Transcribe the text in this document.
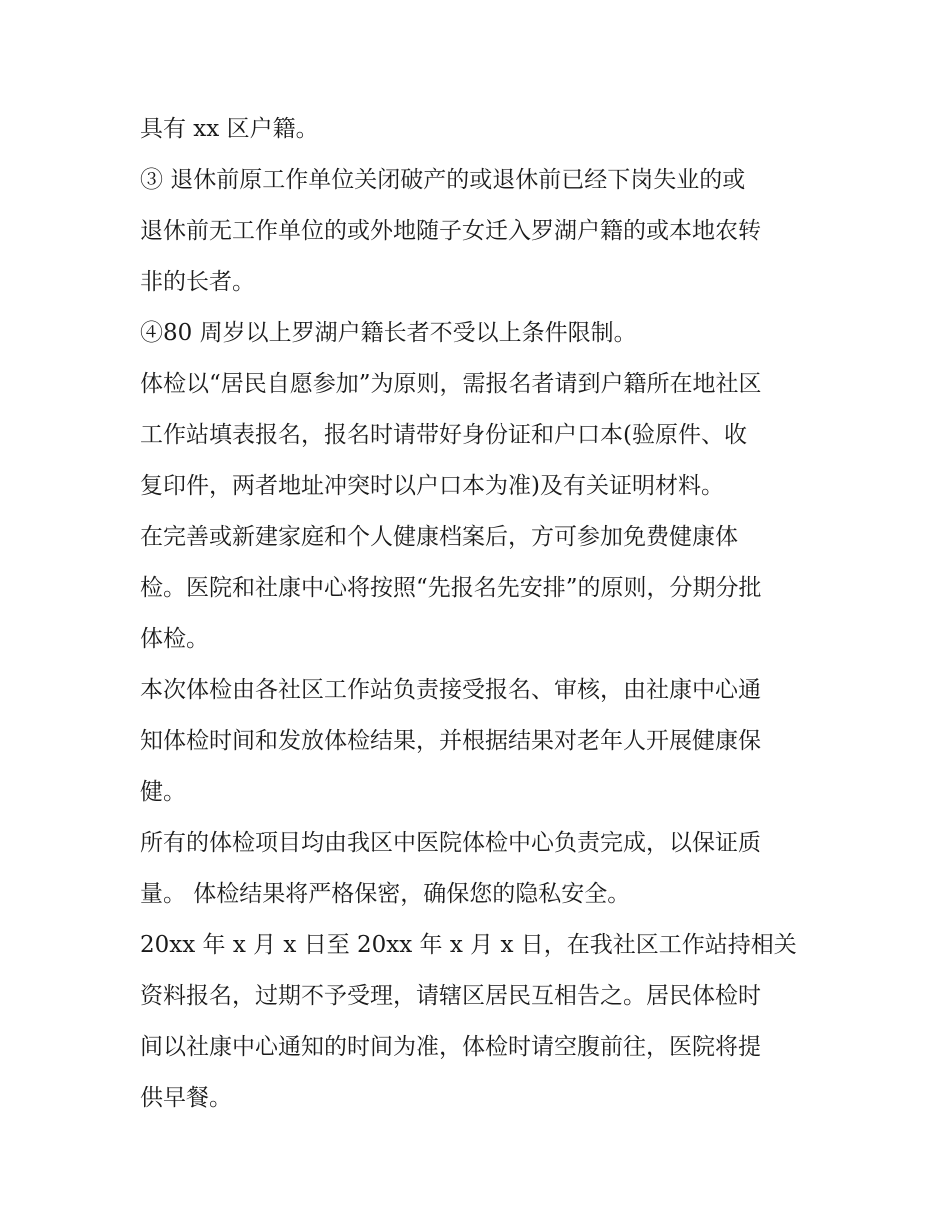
具有 xx 区户籍。
③ 退休前原工作单位关闭破产的或退休前已经下岗失业的或
退休前无工作单位的或外地随子女迁入罗湖户籍的或本地农转
非的长者。
④80 周岁以上罗湖户籍长者不受以上条件限制。
体检以“居民自愿参加”为原则，需报名者请到户籍所在地社区
工作站填表报名，报名时请带好身份证和户口本(验原件、收
复印件，两者地址冲突时以户口本为准)及有关证明材料。
在完善或新建家庭和个人健康档案后，方可参加免费健康体
检。医院和社康中心将按照“先报名先安排”的原则，分期分批
体检。
本次体检由各社区工作站负责接受报名、审核，由社康中心通
知体检时间和发放体检结果，并根据结果对老年人开展健康保
健。
所有的体检项目均由我区中医院体检中心负责完成，以保证质
量。 体检结果将严格保密，确保您的隐私安全。
20xx 年 x 月 x 日至 20xx 年 x 月 x 日，在我社区工作站持相关
资料报名，过期不予受理，请辖区居民互相告之。居民体检时
间以社康中心通知的时间为准，体检时请空腹前往，医院将提
供早餐。
